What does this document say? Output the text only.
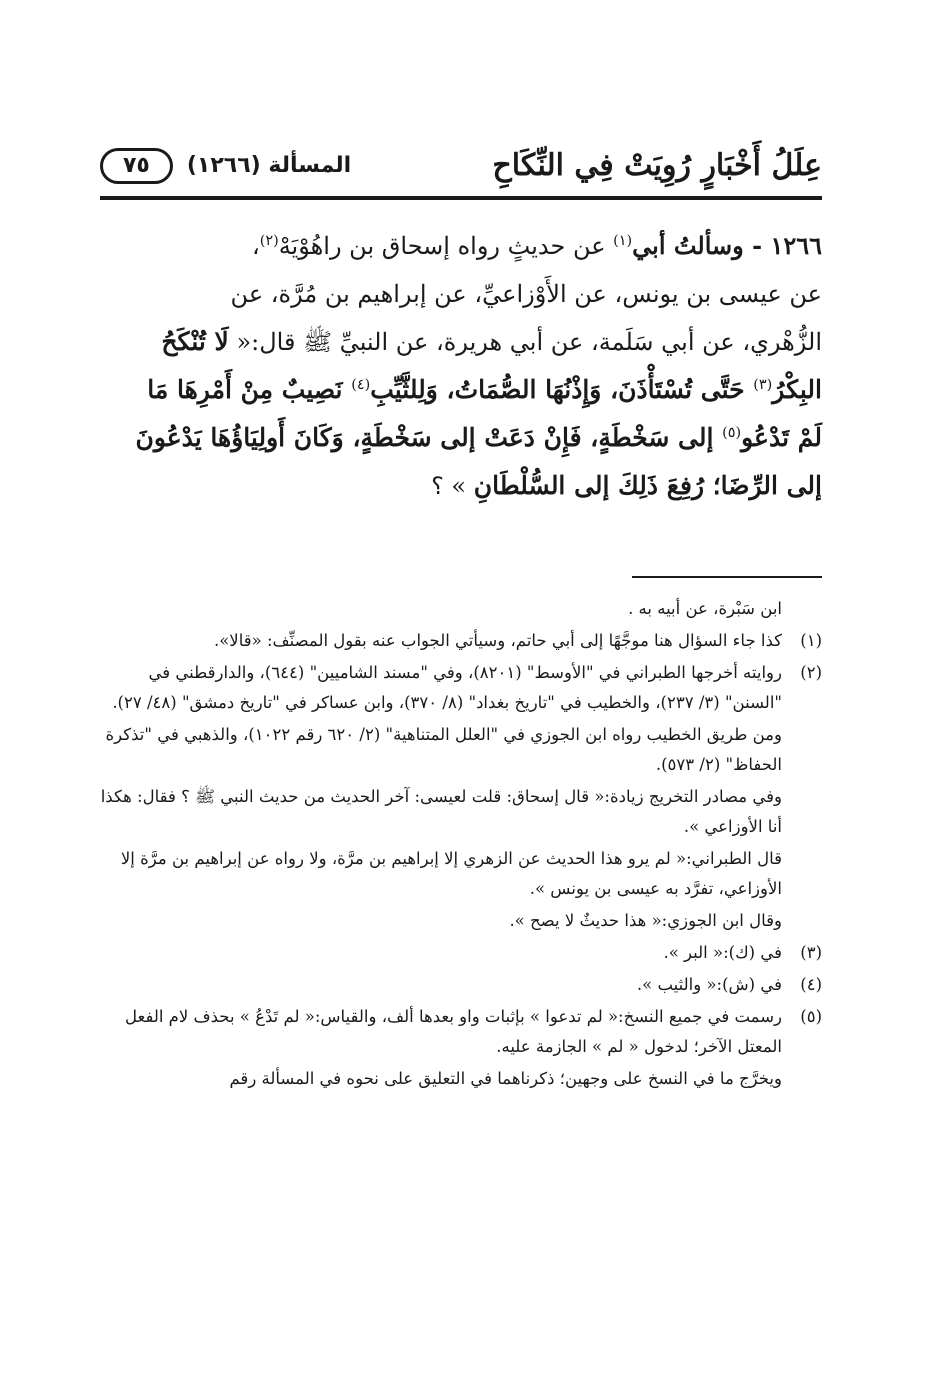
عِلَلُ أَخْبَارٍ رُوِيَتْ فِي النِّكَاحِ
المسألة (١٢٦٦)
٧٥
١٢٦٦ - وسألتُ أبي$^{(١)}$ عن حديثٍ رواه إسحاق بن راهُوْيَهْ$^{(٢)}$،
عن عيسى بن يونس، عن الأَوْزاعيِّ، عن إبراهيم بن مُرَّة، عن
الزُّهْري، عن أبي سَلَمة، عن أبي هريرة، عن النبيِّ ﷺ قال:« لَا تُنْكَحُ
البِكْرُ$^{(٣)}$ حَتَّى تُسْتَأْذَنَ، وَإِذْنُهَا الصُّمَاتُ، وَلِلثَّيِّبِ$^{(٤)}$ نَصِيبٌ مِنْ أَمْرِهَا مَا
لَمْ تَدْعُو$^{(٥)}$ إلى سَخْطَةٍ، فَإِنْ دَعَتْ إلى سَخْطَةٍ، وَكَانَ أَولِيَاؤُهَا يَدْعُونَ
إلى الرِّضَا؛ رُفِعَ ذَلِكَ إلى السُّلْطَانِ » ؟
ابن سَبْرة، عن أبيه به .
(١)
كذا جاء السؤال هنا موجَّهًا إلى أبي حاتم، وسيأتي الجواب عنه بقول المصنِّف: «قالا».
(٢)
روايته أخرجها الطبراني في "الأوسط" (٨٢٠١)، وفي "مسند الشاميين" (٦٤٤)، والدارقطني في "السنن" (٣/ ٢٣٧)، والخطيب في "تاريخ بغداد" (٨/ ٣٧٠)، وابن عساكر في "تاريخ دمشق" (٤٨/ ٢٧).
ومن طريق الخطيب رواه ابن الجوزي في "العلل المتناهية" (٢/ ٦٢٠ رقم ١٠٢٢)، والذهبي في "تذكرة الحفاظ" (٢/ ٥٧٣).
وفي مصادر التخريج زيادة:« قال إسحاق: قلت لعيسى: آخر الحديث من حديث النبي ﷺ ؟ فقال: هكذا أنا الأوزاعي ».
قال الطبراني:« لم يرو هذا الحديث عن الزهري إلا إبراهيم بن مرَّة، ولا رواه عن إبراهيم بن مرَّة إلا الأوزاعي، تفرَّد به عيسى بن يونس ».
وقال ابن الجوزي:« هذا حديثٌ لا يصح ».
(٣)
في (ك):« البر ».
(٤)
في (ش):« والثيب ».
(٥)
رسمت في جميع النسخ:« لم تدعوا » بإثبات واو بعدها ألف، والقياس:« لم تَدْعُ » بحذف لام الفعل المعتل الآخر؛ لدخول « لم » الجازمة عليه.
ويخرَّج ما في النسخ على وجهين؛ ذكرناهما في التعليق على نحوه في المسألة رقم
